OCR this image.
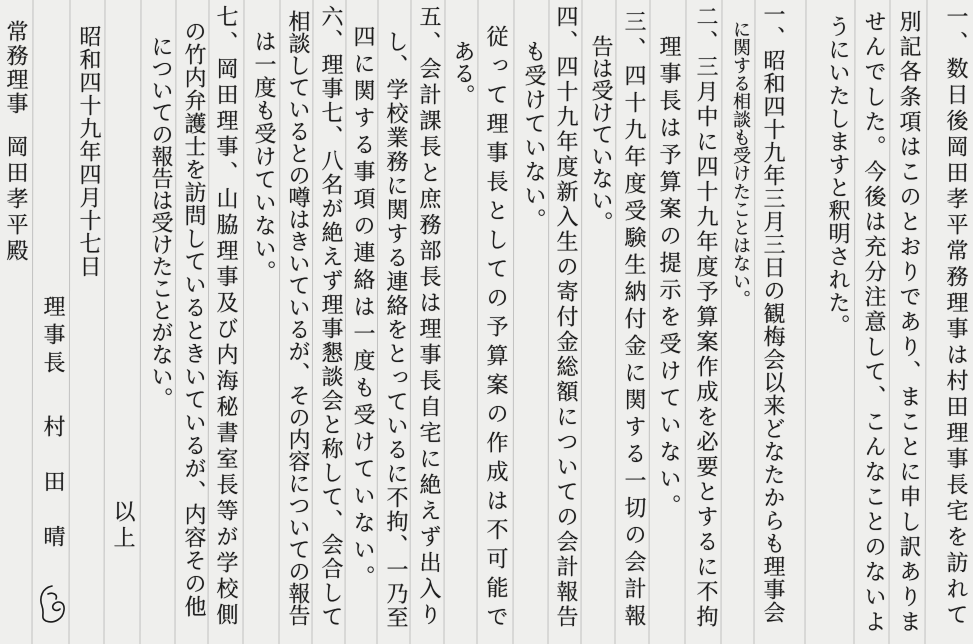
一、数日後岡田孝平常務理事は村田理事長宅を訪れて
別記各条項はこのとおりであり、まことに申し訳ありま
せんでした。今後は充分注意して、こんなことのないよ
うにいたしますと釈明された。
一、昭和四十九年三月三日の観梅会以来どなたからも理事会
に関する相談も受けたことはない。
二、三月中に四十九年度予算案作成を必要とするに不拘
理事長は予算案の提示を受けていない。
三、四十九年度受験生納付金に関する一切の会計報
告は受けていない。
四、四十九年度新入生の寄付金総額についての会計報告
も受けていない。
従って理事長としての予算案の作成は不可能で
ある。
五、会計課長と庶務部長は理事長自宅に絶えず出入り
し、学校業務に関する連絡をとっているに不拘、一乃至
四に関する事項の連絡は一度も受けていない。
六、理事七、八名が絶えず理事懇談会と称して、会合して
相談しているとの噂はきいているが、その内容についての報告
は一度も受けていない。
七、岡田理事、山脇理事及び内海秘書室長等が学校側
の竹内弁護士を訪問しているときいているが、内容その他
についての報告は受けたことがない。
以上
昭和四十九年四月十七日
理事長
村田晴
常務理事
岡田孝平殿
